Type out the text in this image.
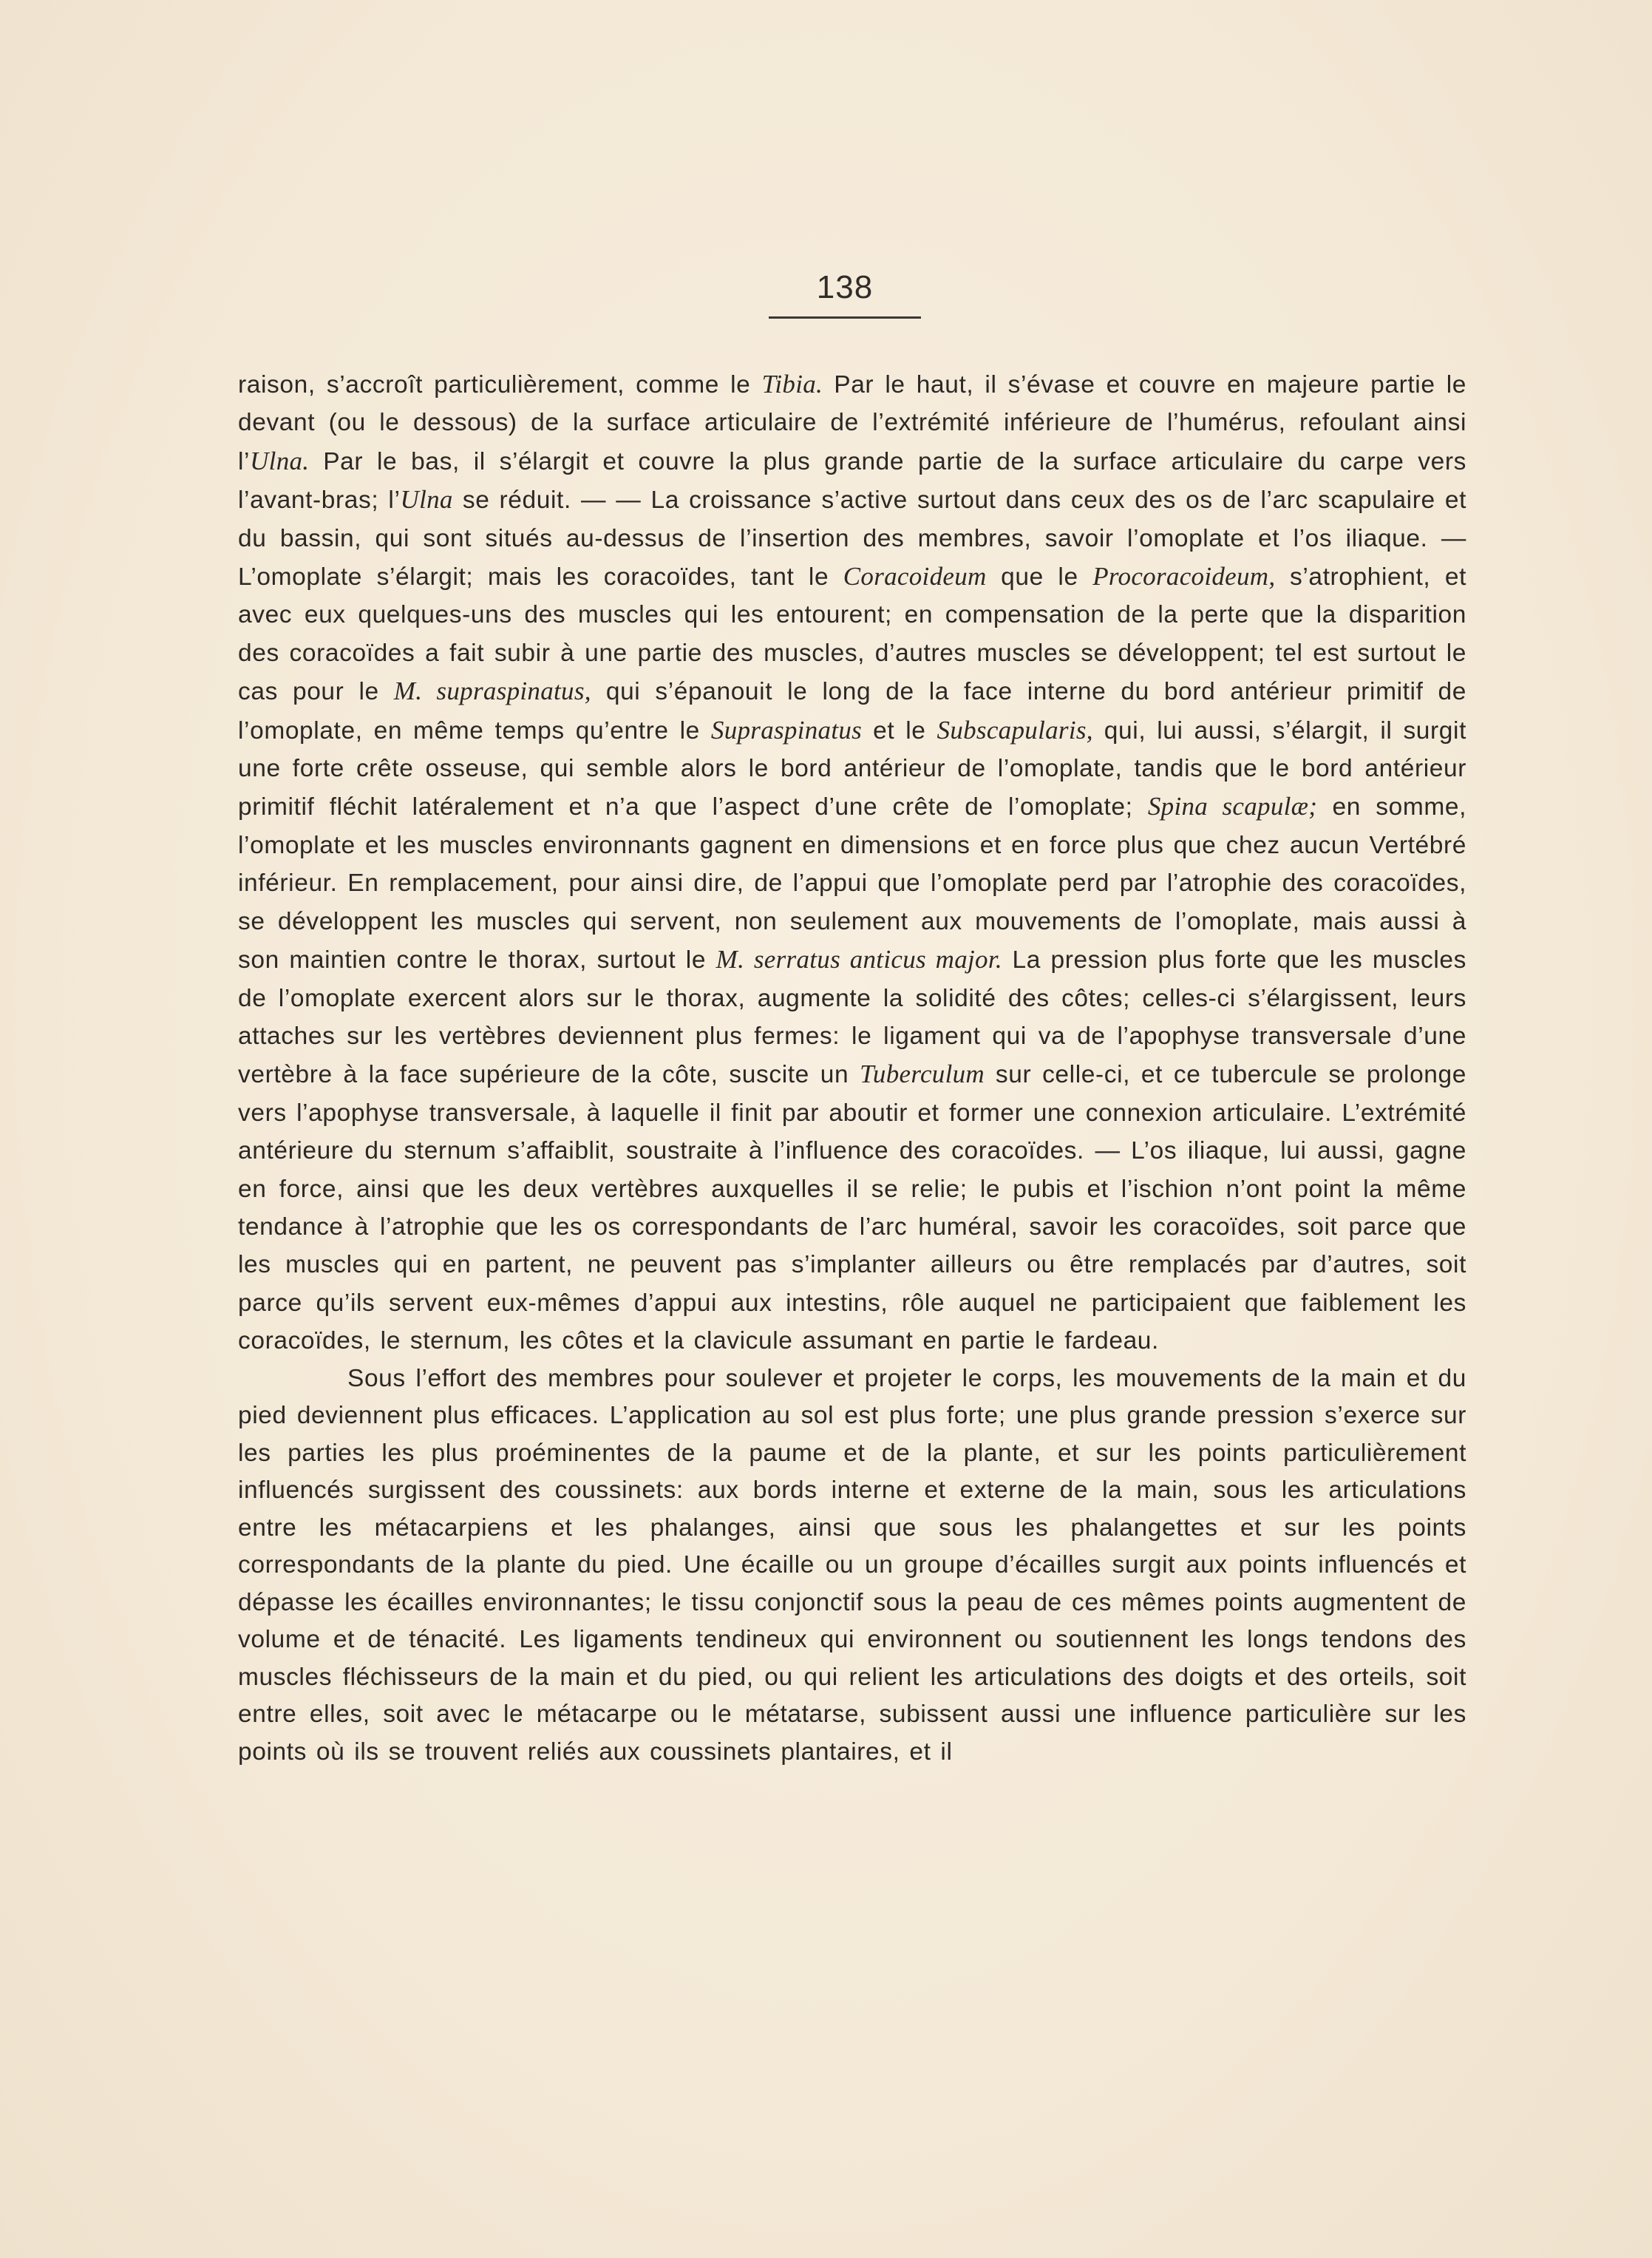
138

raison, s’accroît particulièrement, comme le Tibia. Par le haut, il s’évase et couvre en majeure partie le devant (ou le dessous) de la surface articulaire de l’extrémité inférieure de l’humérus, refoulant ainsi l’Ulna. Par le bas, il s’élargit et couvre la plus grande partie de la surface articulaire du carpe vers l’avant-bras; l’Ulna se réduit. — — La croissance s’active surtout dans ceux des os de l’arc scapulaire et du bassin, qui sont situés au-dessus de l’insertion des membres, savoir l’omoplate et l’os iliaque. — L’omoplate s’élargit; mais les coracoïdes, tant le Coracoideum que le Procoracoideum, s’atrophient, et avec eux quelques-uns des muscles qui les entourent; en compensation de la perte que la disparition des coracoïdes a fait subir à une partie des muscles, d’autres muscles se développent; tel est surtout le cas pour le M. supraspinatus, qui s’épanouit le long de la face interne du bord antérieur primitif de l’omoplate, en même temps qu’entre le Supraspinatus et le Subscapularis, qui, lui aussi, s’élargit, il surgit une forte crête osseuse, qui semble alors le bord antérieur de l’omoplate, tandis que le bord antérieur primitif fléchit latéralement et n’a que l’aspect d’une crête de l’omoplate; Spina scapulæ; en somme, l’omoplate et les muscles environnants gagnent en dimensions et en force plus que chez aucun Vertébré inférieur. En remplacement, pour ainsi dire, de l’appui que l’omoplate perd par l’atrophie des coracoïdes, se développent les muscles qui servent, non seulement aux mouvements de l’omoplate, mais aussi à son maintien contre le thorax, surtout le M. serratus anticus major. La pression plus forte que les muscles de l’omoplate exercent alors sur le thorax, augmente la solidité des côtes; celles-ci s’élargissent, leurs attaches sur les vertèbres deviennent plus fermes: le ligament qui va de l’apophyse transversale d’une vertèbre à la face supérieure de la côte, suscite un Tuberculum sur celle-ci, et ce tubercule se prolonge vers l’apophyse transversale, à laquelle il finit par aboutir et former une connexion articulaire. L’extrémité antérieure du sternum s’affaiblit, soustraite à l’influence des coracoïdes. — L’os iliaque, lui aussi, gagne en force, ainsi que les deux vertèbres auxquelles il se relie; le pubis et l’ischion n’ont point la même tendance à l’atrophie que les os correspondants de l’arc huméral, savoir les coracoïdes, soit parce que les muscles qui en partent, ne peuvent pas s’implanter ailleurs ou être remplacés par d’autres, soit parce qu’ils servent eux-mêmes d’appui aux intestins, rôle auquel ne participaient que faiblement les coracoïdes, le sternum, les côtes et la clavicule assumant en partie le fardeau.

Sous l’effort des membres pour soulever et projeter le corps, les mouvements de la main et du pied deviennent plus efficaces. L’application au sol est plus forte; une plus grande pression s’exerce sur les parties les plus proéminentes de la paume et de la plante, et sur les points particulièrement influencés surgissent des coussinets: aux bords interne et externe de la main, sous les articulations entre les métacarpiens et les phalanges, ainsi que sous les phalangettes et sur les points correspondants de la plante du pied. Une écaille ou un groupe d’écailles surgit aux points influencés et dépasse les écailles environnantes; le tissu conjonctif sous la peau de ces mêmes points augmentent de volume et de ténacité. Les ligaments tendineux qui environnent ou soutiennent les longs tendons des muscles fléchisseurs de la main et du pied, ou qui relient les articulations des doigts et des orteils, soit entre elles, soit avec le métacarpe ou le métatarse, subissent aussi une influence particulière sur les points où ils se trouvent reliés aux coussinets plantaires, et il
